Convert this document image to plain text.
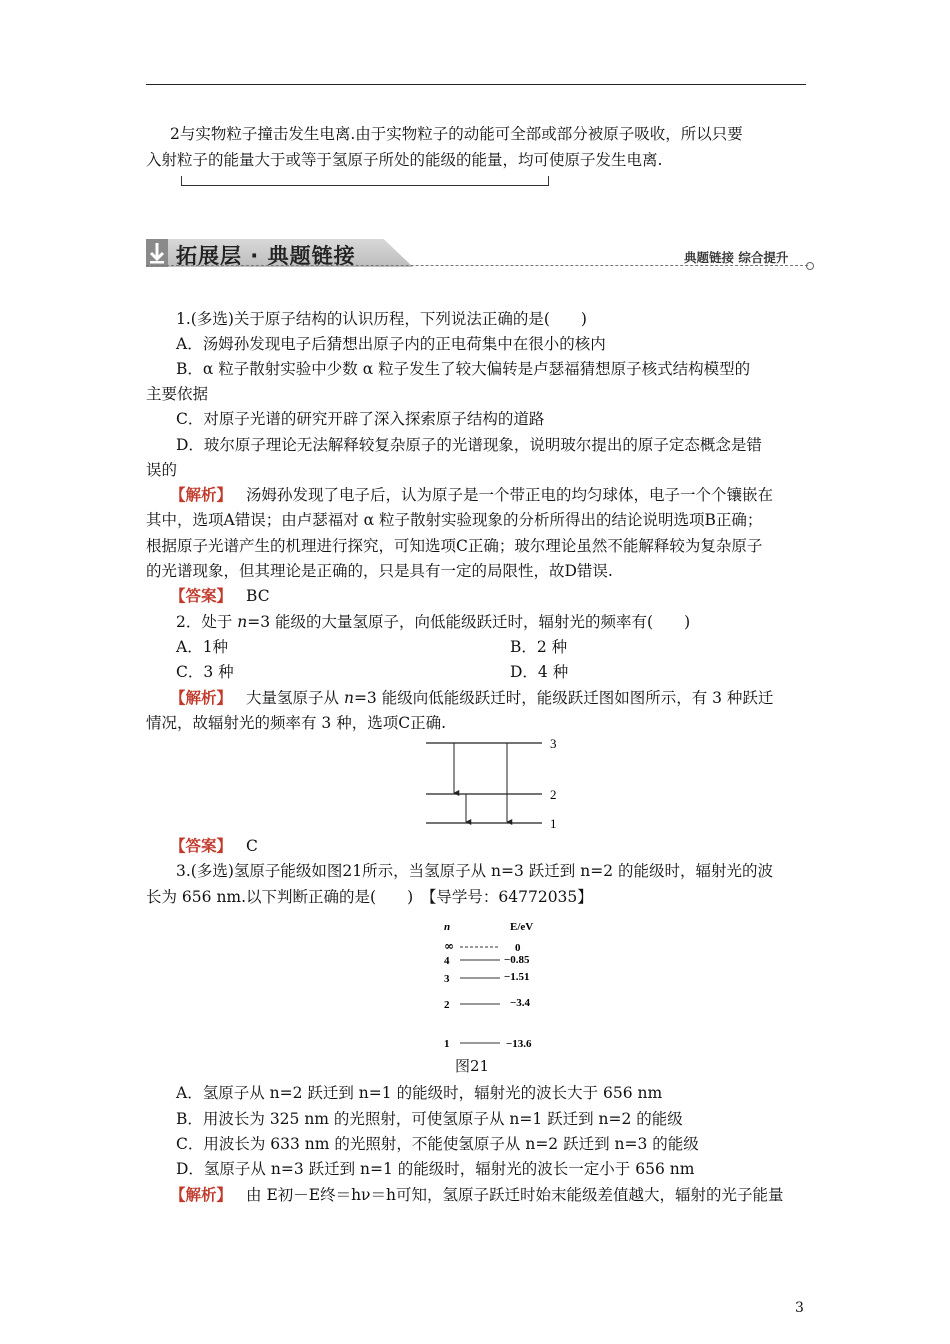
2与实物粒子撞击发生电离.由于实物粒子的动能可全部或部分被原子吸收，所以只要
入射粒子的能量大于或等于氢原子所处的能级的能量，均可使原子发生电离.
拓展层 · 典题链接	典题链接 综合提升
1.(多选)关于原子结构的认识历程，下列说法正确的是(　　)
A．汤姆孙发现电子后猜想出原子内的正电荷集中在很小的核内
B．α 粒子散射实验中少数 α 粒子发生了较大偏转是卢瑟福猜想原子核式结构模型的
主要依据
C．对原子光谱的研究开辟了深入探索原子结构的道路
D．玻尔原子理论无法解释较复杂原子的光谱现象，说明玻尔提出的原子定态概念是错
误的
【解析】 汤姆孙发现了电子后，认为原子是一个带正电的均匀球体，电子一个个镶嵌在
其中，选项A错误；由卢瑟福对 α 粒子散射实验现象的分析所得出的结论说明选项B正确；
根据原子光谱产生的机理进行探究，可知选项C正确；玻尔理论虽然不能解释较为复杂原子
的光谱现象，但其理论是正确的，只是具有一定的局限性，故D错误.
【答案】 BC
2．处于 n=3 能级的大量氢原子，向低能级跃迁时，辐射光的频率有(　　)
A．1种	B．2 种
C．3 种	D．4 种
【解析】 大量氢原子从 n=3 能级向低能级跃迁时，能级跃迁图如图所示，有 3 种跃迁
情况，故辐射光的频率有 3 种，选项C正确.
3
2
1
【答案】 C
3.(多选)氢原子能级如图21所示，当氢原子从 n=3 跃迁到 n=2 的能级时，辐射光的波
长为 656 nm.以下判断正确的是(　　)　【导学号：64772035】
n	E/eV
∞	0
4	−0.85
3	−1.51
2	−3.4
1	−13.6
图21
A．氢原子从 n=2 跃迁到 n=1 的能级时，辐射光的波长大于 656 nm
B．用波长为 325 nm 的光照射，可使氢原子从 n=1 跃迁到 n=2 的能级
C．用波长为 633 nm 的光照射，不能使氢原子从 n=2 跃迁到 n=3 的能级
D．氢原子从 n=3 跃迁到 n=1 的能级时，辐射光的波长一定小于 656 nm
【解析】 由 E初－E终＝hν＝h可知，氢原子跃迁时始末能级差值越大，辐射的光子能量
3
